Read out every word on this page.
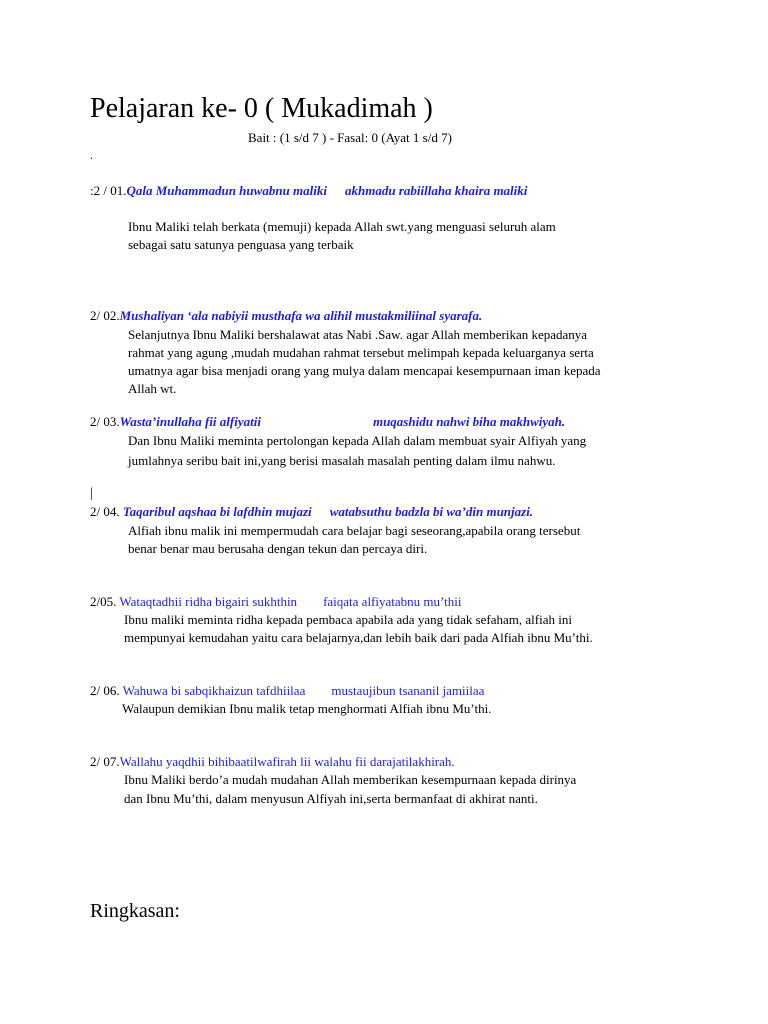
Pelajaran ke- 0 ( Mukadimah )
Bait : (1 s/d 7 ) - Fasal: 0 (Ayat 1 s/d 7)
.
:2 / 01.Qala Muhammadun huwabnu maliki akhmadu rabiillaha khaira maliki
Ibnu Maliki telah berkata (memuji) kepada Allah swt.yang menguasi seluruh alam
sebagai satu satunya penguasa yang terbaik
2/ 02.Mushaliyan ‘ala nabiyii musthafa wa alihil mustakmiliinal syarafa.
Selanjutnya Ibnu Maliki bershalawat atas Nabi .Saw. agar Allah memberikan kepadanya
rahmat yang agung ,mudah mudahan rahmat tersebut melimpah kepada keluarganya serta
umatnya agar bisa menjadi orang yang mulya dalam mencapai kesempurnaan iman kepada
Allah wt.
2/ 03.Wasta’inullaha fii alfiyatii	muqashidu nahwi biha makhwiyah.
Dan Ibnu Maliki meminta pertolongan kepada Allah dalam membuat syair Alfiyah yang
jumlahnya seribu bait ini,yang berisi masalah masalah penting dalam ilmu nahwu.
|
2/ 04. Taqaribul aqshaa bi lafdhin mujazi watabsuthu badzla bi wa’din munjazi.
Alfiah ibnu malik ini mempermudah cara belajar bagi seseorang,apabila orang tersebut
benar benar mau berusaha dengan tekun dan percaya diri.
2/05. Wataqtadhii ridha bigairi sukhthin faiqata alfiyatabnu mu’thii
Ibnu maliki meminta ridha kepada pembaca apabila ada yang tidak sefaham, alfiah ini
mempunyai kemudahan yaitu cara belajarnya,dan lebih baik dari pada Alfiah ibnu Mu’thi.
2/ 06. Wahuwa bi sabqikhaizun tafdhiilaa mustaujibun tsananil jamiilaa
Walaupun demikian Ibnu malik tetap menghormati Alfiah ibnu Mu’thi.
2/ 07.Wallahu yaqdhii bihibaatilwafirah lii walahu fii darajatilakhirah.
Ibnu Maliki berdo’a mudah mudahan Allah memberikan kesempurnaan kepada dirinya
dan Ibnu Mu’thi, dalam menyusun Alfiyah ini,serta bermanfaat di akhirat nanti.
Ringkasan:
